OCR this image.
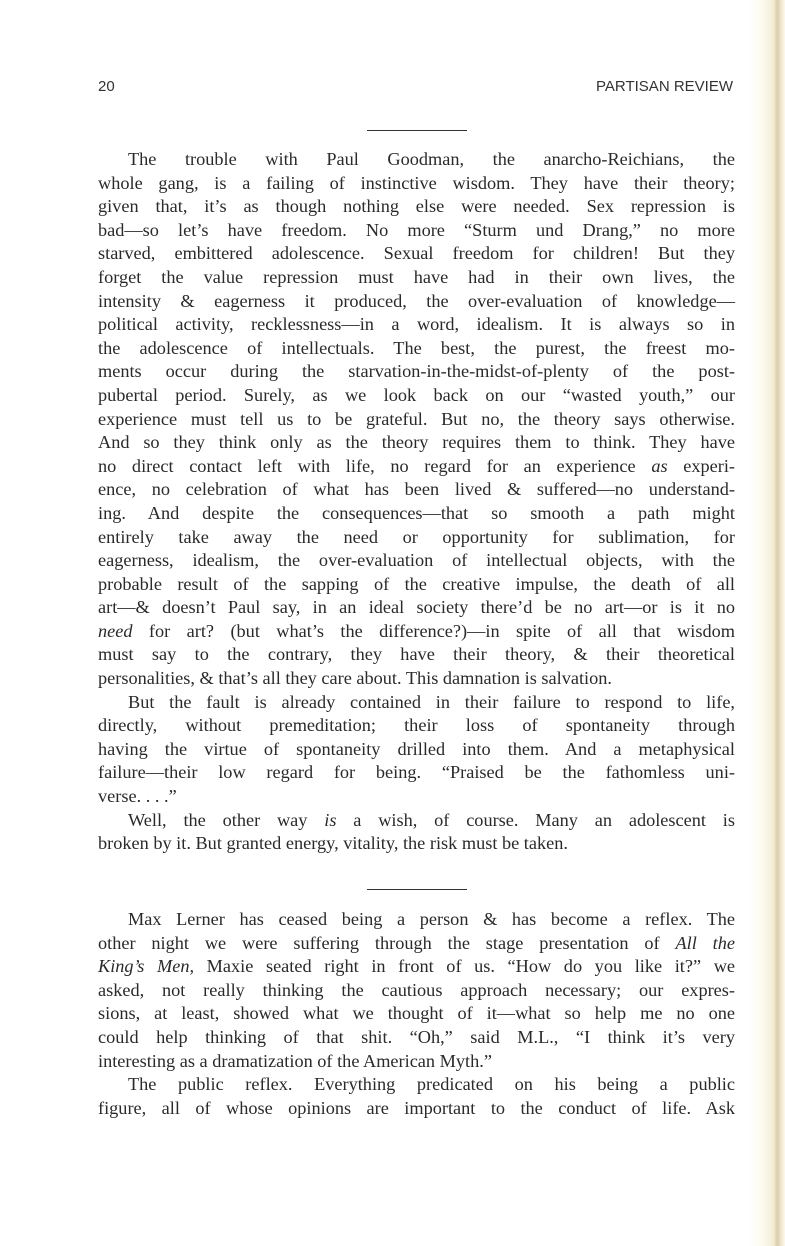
20	PARTISAN REVIEW
The trouble with Paul Goodman, the anarcho-Reichians, the
whole gang, is a failing of instinctive wisdom. They have their theory;
given that, it’s as though nothing else were needed. Sex repression is
bad—so let’s have freedom. No more “Sturm und Drang,” no more
starved, embittered adolescence. Sexual freedom for children! But they
forget the value repression must have had in their own lives, the
intensity & eagerness it produced, the over-evaluation of knowledge—
political activity, recklessness—in a word, idealism. It is always so in
the adolescence of intellectuals. The best, the purest, the freest mo-
ments occur during the starvation-in-the-midst-of-plenty of the post-
pubertal period. Surely, as we look back on our “wasted youth,” our
experience must tell us to be grateful. But no, the theory says otherwise.
And so they think only as the theory requires them to think. They have
no direct contact left with life, no regard for an experience as experi-
ence, no celebration of what has been lived & suffered—no understand-
ing. And despite the consequences—that so smooth a path might
entirely take away the need or opportunity for sublimation, for
eagerness, idealism, the over-evaluation of intellectual objects, with the
probable result of the sapping of the creative impulse, the death of all
art—& doesn’t Paul say, in an ideal society there’d be no art—or is it no
need for art? (but what’s the difference?)—in spite of all that wisdom
must say to the contrary, they have their theory, & their theoretical
personalities, & that’s all they care about. This damnation is salvation.
But the fault is already contained in their failure to respond to life,
directly, without premeditation; their loss of spontaneity through
having the virtue of spontaneity drilled into them. And a metaphysical
failure—their low regard for being. “Praised be the fathomless uni-
verse. . . .”
Well, the other way is a wish, of course. Many an adolescent is
broken by it. But granted energy, vitality, the risk must be taken.
Max Lerner has ceased being a person & has become a reflex. The
other night we were suffering through the stage presentation of All the
King’s Men, Maxie seated right in front of us. “How do you like it?” we
asked, not really thinking the cautious approach necessary; our expres-
sions, at least, showed what we thought of it—what so help me no one
could help thinking of that shit. “Oh,” said M.L., “I think it’s very
interesting as a dramatization of the American Myth.”
The public reflex. Everything predicated on his being a public
figure, all of whose opinions are important to the conduct of life. Ask
